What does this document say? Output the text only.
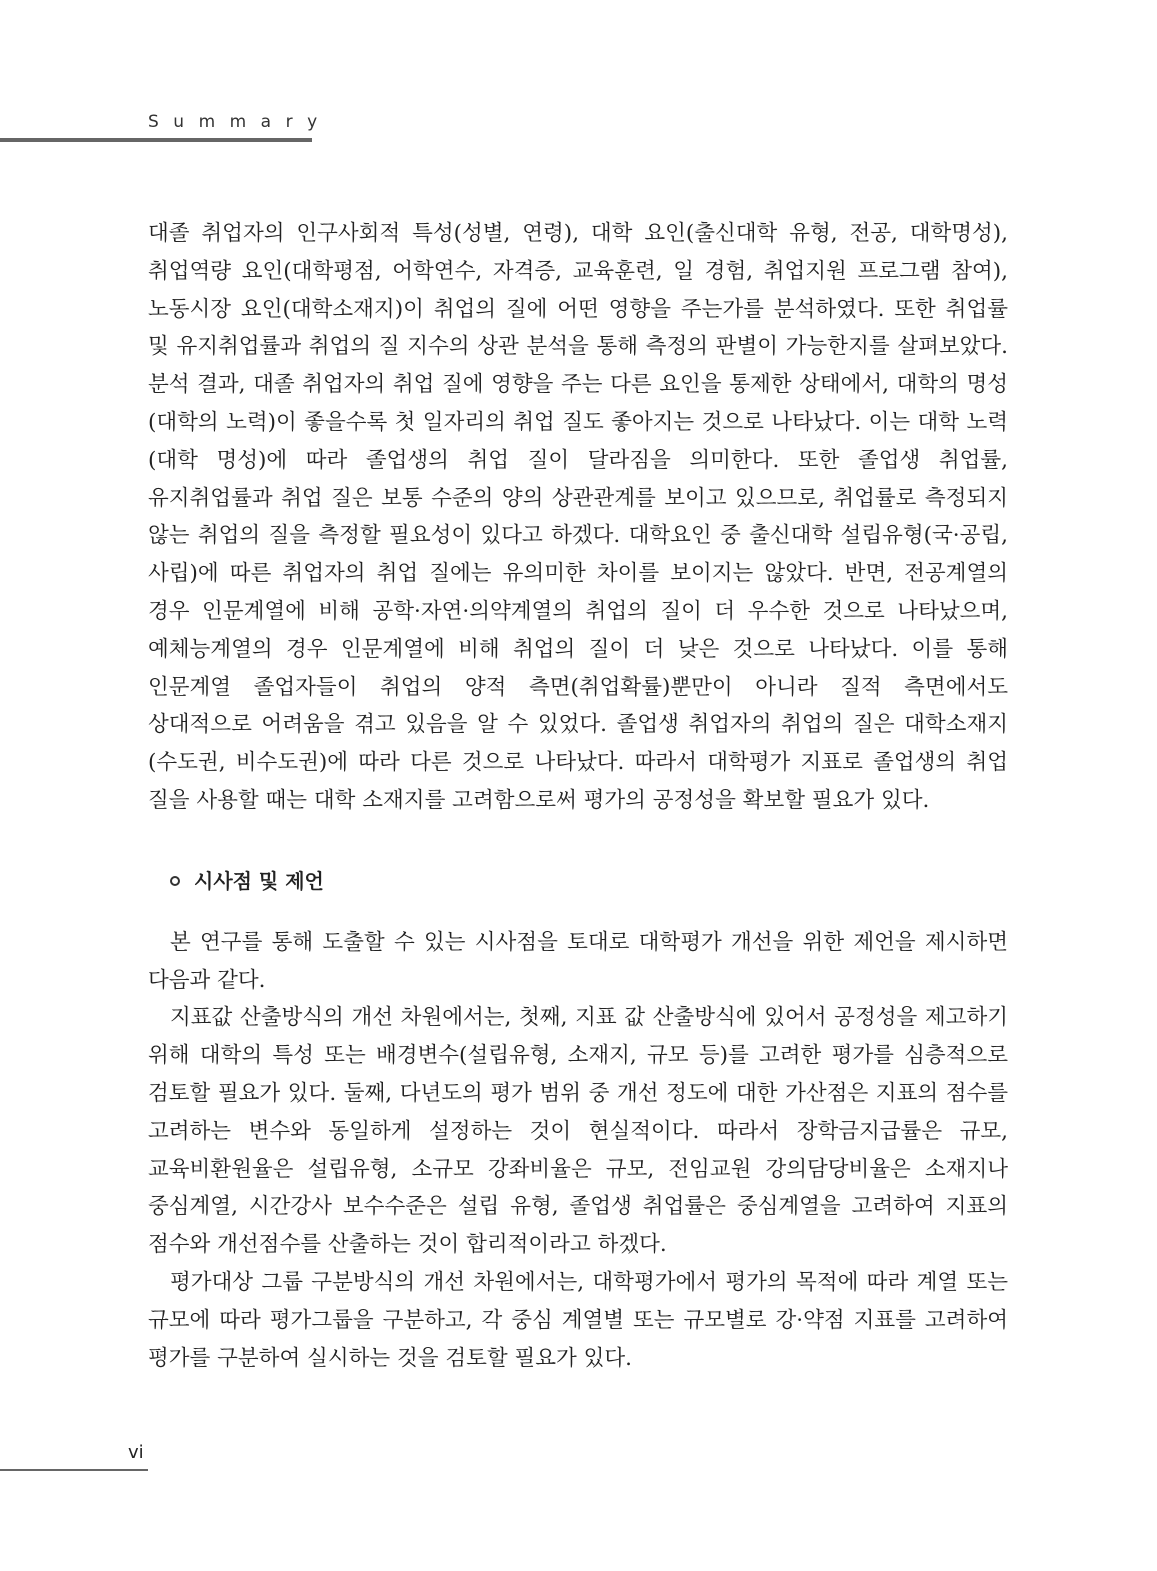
Summary

대졸 취업자의 인구사회적 특성(성별, 연령), 대학 요인(출신대학 유형, 전공, 대학명성), 취업역량 요인(대학평점, 어학연수, 자격증, 교육훈련, 일 경험, 취업지원 프로그램 참여), 노동시장 요인(대학소재지)이 취업의 질에 어떤 영향을 주는가를 분석하였다. 또한 취업률 및 유지취업률과 취업의 질 지수의 상관 분석을 통해 측정의 판별이 가능한지를 살펴보았다. 분석 결과, 대졸 취업자의 취업 질에 영향을 주는 다른 요인을 통제한 상태에서, 대학의 명성(대학의 노력)이 좋을수록 첫 일자리의 취업 질도 좋아지는 것으로 나타났다. 이는 대학 노력(대학 명성)에 따라 졸업생의 취업 질이 달라짐을 의미한다. 또한 졸업생 취업률, 유지취업률과 취업 질은 보통 수준의 양의 상관관계를 보이고 있으므로, 취업률로 측정되지 않는 취업의 질을 측정할 필요성이 있다고 하겠다. 대학요인 중 출신대학 설립유형(국·공립, 사립)에 따른 취업자의 취업 질에는 유의미한 차이를 보이지는 않았다. 반면, 전공계열의 경우 인문계열에 비해 공학·자연·의약계열의 취업의 질이 더 우수한 것으로 나타났으며, 예체능계열의 경우 인문계열에 비해 취업의 질이 더 낮은 것으로 나타났다. 이를 통해 인문계열 졸업자들이 취업의 양적 측면(취업확률)뿐만이 아니라 질적 측면에서도 상대적으로 어려움을 겪고 있음을 알 수 있었다. 졸업생 취업자의 취업의 질은 대학소재지(수도권, 비수도권)에 따라 다른 것으로 나타났다. 따라서 대학평가 지표로 졸업생의 취업 질을 사용할 때는 대학 소재지를 고려함으로써 평가의 공정성을 확보할 필요가 있다.

시사점 및 제언

본 연구를 통해 도출할 수 있는 시사점을 토대로 대학평가 개선을 위한 제언을 제시하면 다음과 같다.

지표값 산출방식의 개선 차원에서는, 첫째, 지표 값 산출방식에 있어서 공정성을 제고하기 위해 대학의 특성 또는 배경변수(설립유형, 소재지, 규모 등)를 고려한 평가를 심층적으로 검토할 필요가 있다. 둘째, 다년도의 평가 범위 중 개선 정도에 대한 가산점은 지표의 점수를 고려하는 변수와 동일하게 설정하는 것이 현실적이다. 따라서 장학금지급률은 규모, 교육비환원율은 설립유형, 소규모 강좌비율은 규모, 전임교원 강의담당비율은 소재지나 중심계열, 시간강사 보수수준은 설립 유형, 졸업생 취업률은 중심계열을 고려하여 지표의 점수와 개선점수를 산출하는 것이 합리적이라고 하겠다.

평가대상 그룹 구분방식의 개선 차원에서는, 대학평가에서 평가의 목적에 따라 계열 또는 규모에 따라 평가그룹을 구분하고, 각 중심 계열별 또는 규모별로 강·약점 지표를 고려하여 평가를 구분하여 실시하는 것을 검토할 필요가 있다.

vi
